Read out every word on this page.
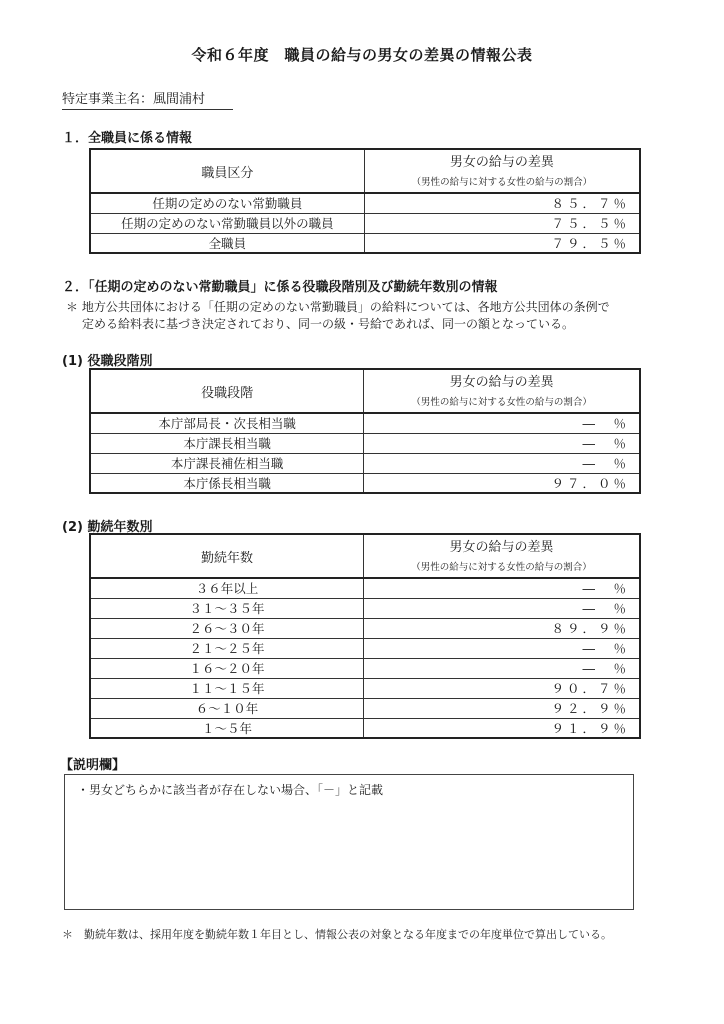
令和６年度　職員の給与の男女の差異の情報公表
特定事業主名：風間浦村
１．全職員に係る情報
職員区分	男女の給与の差異
（男性の給与に対する女性の給与の割合）

任期の定めのない常勤職員	８５．７％
任期の定めのない常勤職員以外の職員	７５．５％
全職員	７９．５％
２．「任期の定めのない常勤職員」に係る役職段階別及び勤続年数別の情報
＊ 地方公共団体における「任期の定めのない常勤職員」の給料については、各地方公共団体の条例で
定める給料表に基づき決定されており、同一の級・号給であれば、同一の額となっている。
(1) 役職段階別
役職段階	男女の給与の差異
（男性の給与に対する女性の給与の割合）

本庁部局長・次長相当職	―　％
本庁課長相当職	―　％
本庁課長補佐相当職	―　％
本庁係長相当職	９７．０％
(2) 勤続年数別
勤続年数	男女の給与の差異
（男性の給与に対する女性の給与の割合）

３６年以上	―　％
３１～３５年	―　％
２６～３０年	８９．９％
２１～２５年	―　％
１６～２０年	―　％
１１～１５年	９０．７％
６～１０年	９２．９％
１～５年	９１．９％
【説明欄】
・男女どちらかに該当者が存在しない場合、「－」と記載
＊　勤続年数は、採用年度を勤続年数１年目とし、情報公表の対象となる年度までの年度単位で算出している。
